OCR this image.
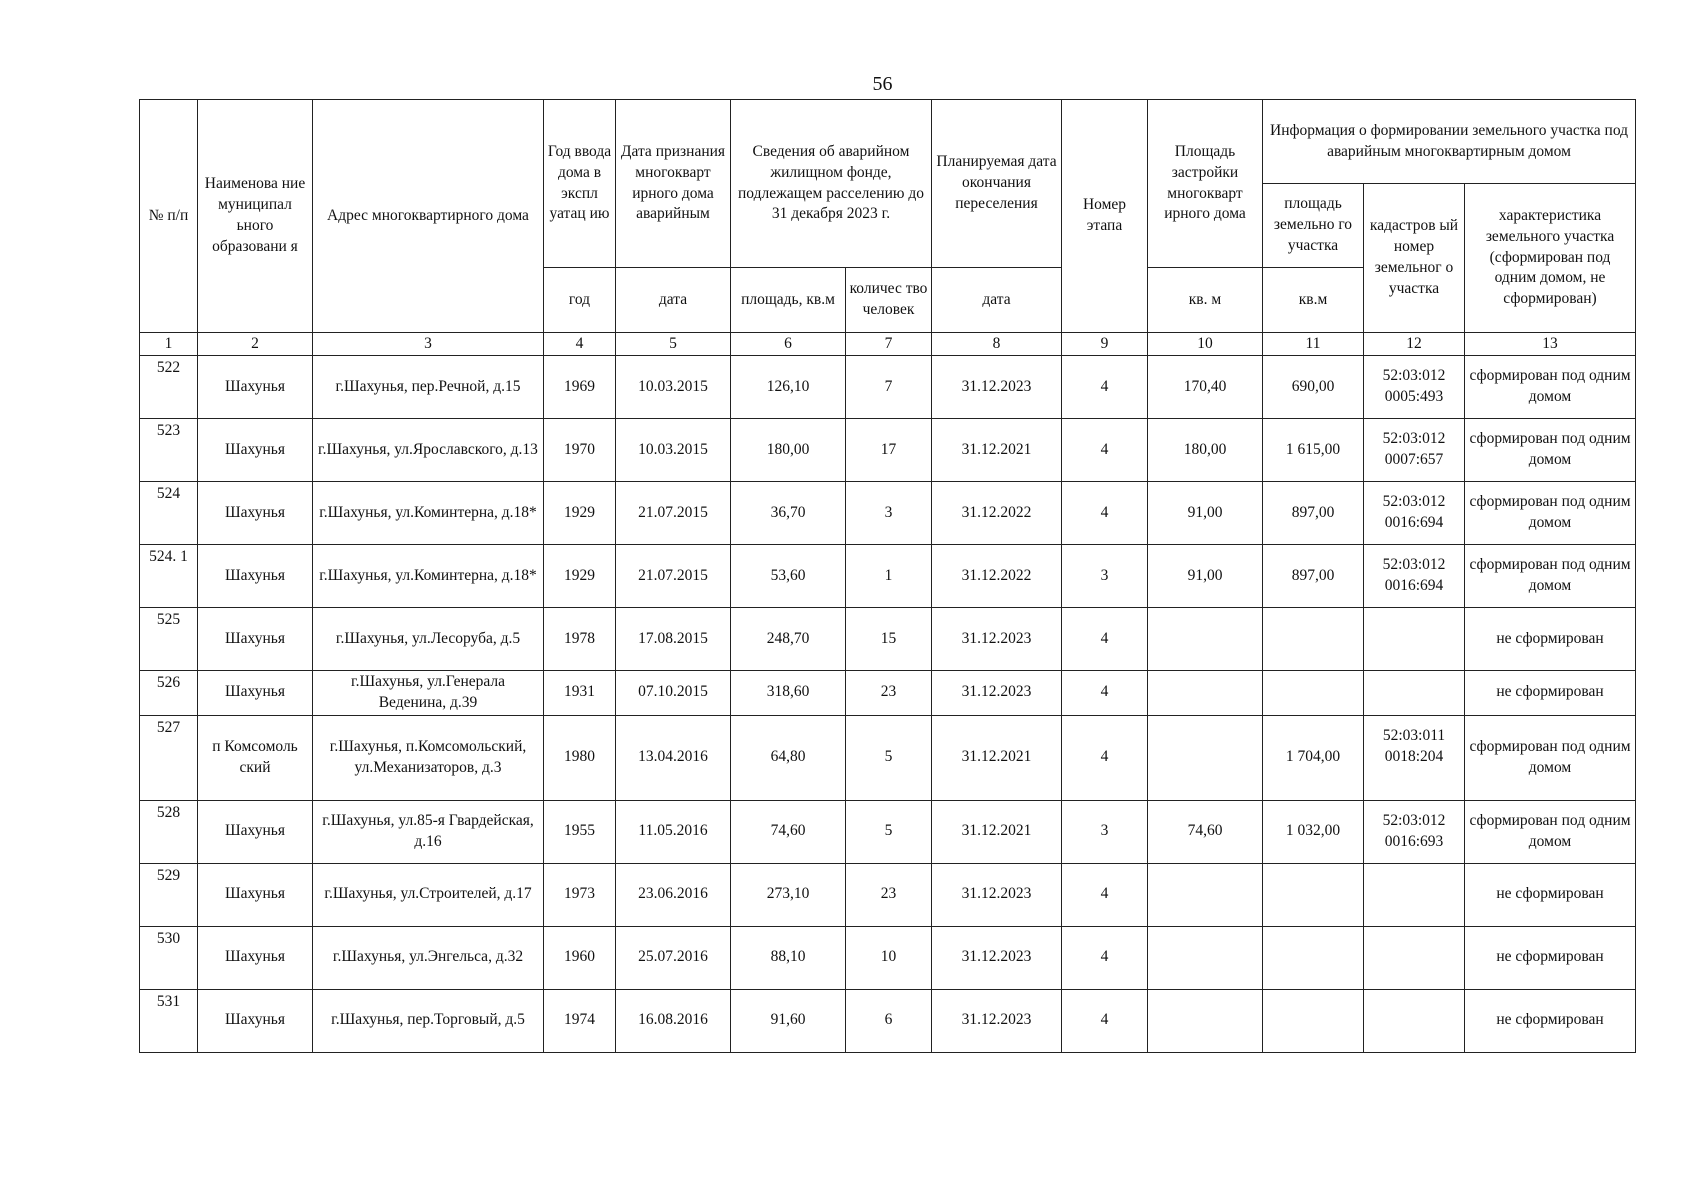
56
№ п/п	Наименова ние муниципал ьного образовани я	Адрес многоквартирного дома	Год ввода дома в экспл уатац ию	Дата признания многокварт ирного дома аварийным	Сведения об аварийном жилищном фонде, подлежащем расселению до 31 декабря 2023 г.		Планируемая дата окончания переселения	Номер этапа	Площадь застройки многокварт ирного дома	Информация о формировании земельного участка под аварийным многоквартирным домом		
										площадь земельно го участка	кадастров ый номер земельног о участка	характеристика земельного участка (сформирован под одним домом, не сформирован)
			год	дата	площадь, кв.м	количес тво человек	дата		кв. м	кв.м		
1	2	3	4	5	6	7	8	9	10	11	12	13
522	Шахунья	г.Шахунья, пер.Речной, д.15	1969	10.03.2015	126,10	7	31.12.2023	4	170,40	690,00	52:03:012 0005:493	сформирован под одним домом
523	Шахунья	г.Шахунья, ул.Ярославского, д.13	1970	10.03.2015	180,00	17	31.12.2021	4	180,00	1 615,00	52:03:012 0007:657	сформирован под одним домом
524	Шахунья	г.Шахунья, ул.Коминтерна, д.18*	1929	21.07.2015	36,70	3	31.12.2022	4	91,00	897,00	52:03:012 0016:694	сформирован под одним домом
524. 1	Шахунья	г.Шахунья, ул.Коминтерна, д.18*	1929	21.07.2015	53,60	1	31.12.2022	3	91,00	897,00	52:03:012 0016:694	сформирован под одним домом
525	Шахунья	г.Шахунья, ул.Лесоруба, д.5	1978	17.08.2015	248,70	15	31.12.2023	4				не сформирован
526	Шахунья	г.Шахунья, ул.Генерала Веденина, д.39	1931	07.10.2015	318,60	23	31.12.2023	4				не сформирован
527	п Комсомоль ский	г.Шахунья, п.Комсомольский, ул.Механизаторов, д.3	1980	13.04.2016	64,80	5	31.12.2021	4		1 704,00	52:03:011 0018:204	сформирован под одним домом
528	Шахунья	г.Шахунья, ул.85-я Гвардейская, д.16	1955	11.05.2016	74,60	5	31.12.2021	3	74,60	1 032,00	52:03:012 0016:693	сформирован под одним домом
529	Шахунья	г.Шахунья, ул.Строителей, д.17	1973	23.06.2016	273,10	23	31.12.2023	4				не сформирован
530	Шахунья	г.Шахунья, ул.Энгельса, д.32	1960	25.07.2016	88,10	10	31.12.2023	4				не сформирован
531	Шахунья	г.Шахунья, пер.Торговый, д.5	1974	16.08.2016	91,60	6	31.12.2023	4				не сформирован
